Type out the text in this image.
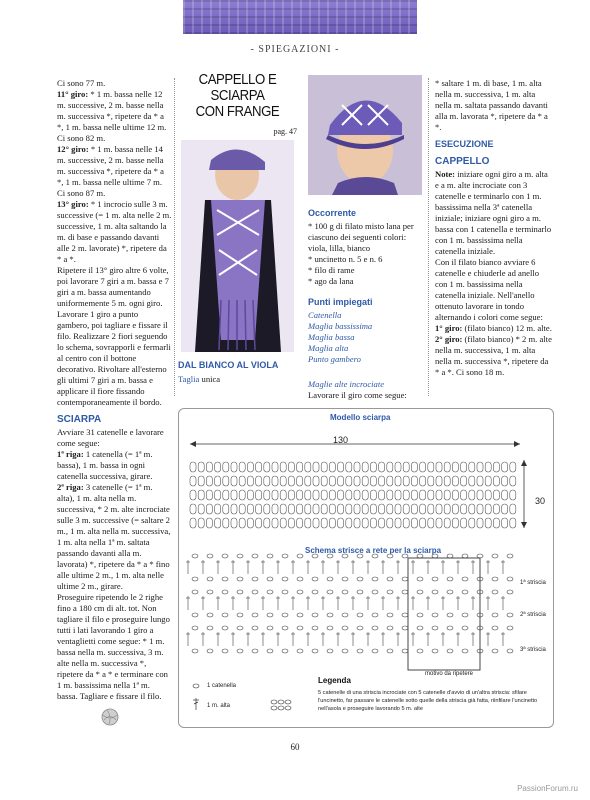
- SPIEGAZIONI -

Ci sono 77 m.

11° giro: * 1 m. bassa nelle 12 m. successive, 2 m. basse nella m. successiva *, ripetere da * a *, 1 m. bassa nelle ultime 12 m. Ci sono 82 m.

12° giro: * 1 m. bassa nelle 14 m. successive, 2 m. basse nella m. successiva *, ripetere da * a *, 1 m. bassa nelle ultime 7 m. Ci sono 87 m.

13° giro: * 1 incrocio sulle 3 m. successive (= 1 m. alta nelle 2 m. successive, 1 m. alta saltando la m. di base e passando davanti alle 2 m. lavorate) *, ripetere da * a *.

Ripetere il 13° giro altre 6 volte, poi lavorare 7 giri a m. bassa e 7 giri a m. bassa aumentando uniformemente 5 m. ogni giro. Lavorare 1 giro a punto gambero, poi tagliare e fissare il filo. Realizzare 2 fiori seguendo lo schema, sovrapporli e fermarli al centro con il bottone decorativo. Rivoltare all'esterno gli ultimi 7 giri a m. bassa e applicare il fiore fissando contemporaneamente il bordo.

SCIARPA

Avviare 31 catenelle e lavorare come segue:

1ª riga: 1 catenella (= 1ª m. bassa), 1 m. bassa in ogni catenella successiva, girare.

2ª riga: 3 catenelle (= 1ª m. alta), 1 m. alta nella m. successiva, * 2 m. alte incrociate sulle 3 m. successive (= saltare 2 m., 1 m. alta nella m. successiva, 1 m. alta nella 1ª m. saltata passando davanti alla m. lavorata) *, ripetere da * a * fino alle ultime 2 m., 1 m. alta nelle ultime 2 m., girare.

Proseguire ripetendo le 2 righe fino a 180 cm di alt. tot. Non tagliare il filo e proseguire lungo tutti i lati lavorando 1 giro a ventaglietti come segue: * 1 m. bassa nella m. successiva, 3 m. alte nella m. successiva *, ripetere da * a * e terminare con 1 m. bassissima nella 1ª m. bassa. Tagliare e fissare il filo.

CAPPELLO E SCIARPA
CON FRANGE
pag. 47
DAL BIANCO AL VIOLA
Taglia unica
Occorrente

* 100 g di filato misto lana per ciascuno dei seguenti colori: viola, lilla, bianco

* uncinetto n. 5 e n. 6

* filo di rame

* ago da lana

Punti impiegati

Catenella

Maglia bassissima

Maglia bassa

Maglia alta

Punto gambero

Maglie alte incrociate

Lavorare il giro come segue:

* saltare 1 m. di base, 1 m. alta nella m. successiva, 1 m. alta nella m. saltata passando davanti alla m. lavorata *, ripetere da * a *.

ESECUZIONE
CAPPELLO

Note: iniziare ogni giro a m. alta e a m. alte incrociate con 3 catenelle e terminarlo con 1 m. bassissima nella 3ª catenella iniziale; iniziare ogni giro a m. bassa con 1 catenella e terminarlo con 1 m. bassissima nella catenella iniziale.

Con il filato bianco avviare 6 catenelle e chiuderle ad anello con 1 m. bassissima nella catenella iniziale. Nell'anello ottenuto lavorare in tondo alternando i colori come segue:

1° giro: (filato bianco) 12 m. alte.

2° giro: (filato bianco) * 2 m. alte nella m. successiva, 1 m. alta nella m. successiva *, ripetere da * a *. Ci sono 18 m.

Modello sciarpa
130
30
Schema strisce a rete per la sciarpa
1ª striscia
2ª striscia
3ª striscia
motivo da ripetere
Legenda
1 catenella
1 m. alta
5 catenelle di una striscia incrociate con 5 catenelle d'avvio di un'altra striscia: sfilare l'uncinetto, far passare le catenelle sotto quelle della striscia già fatta, riinfilare l'uncinetto nell'asola e proseguire lavorando 5 m. alte
60
PassionForum.ru
